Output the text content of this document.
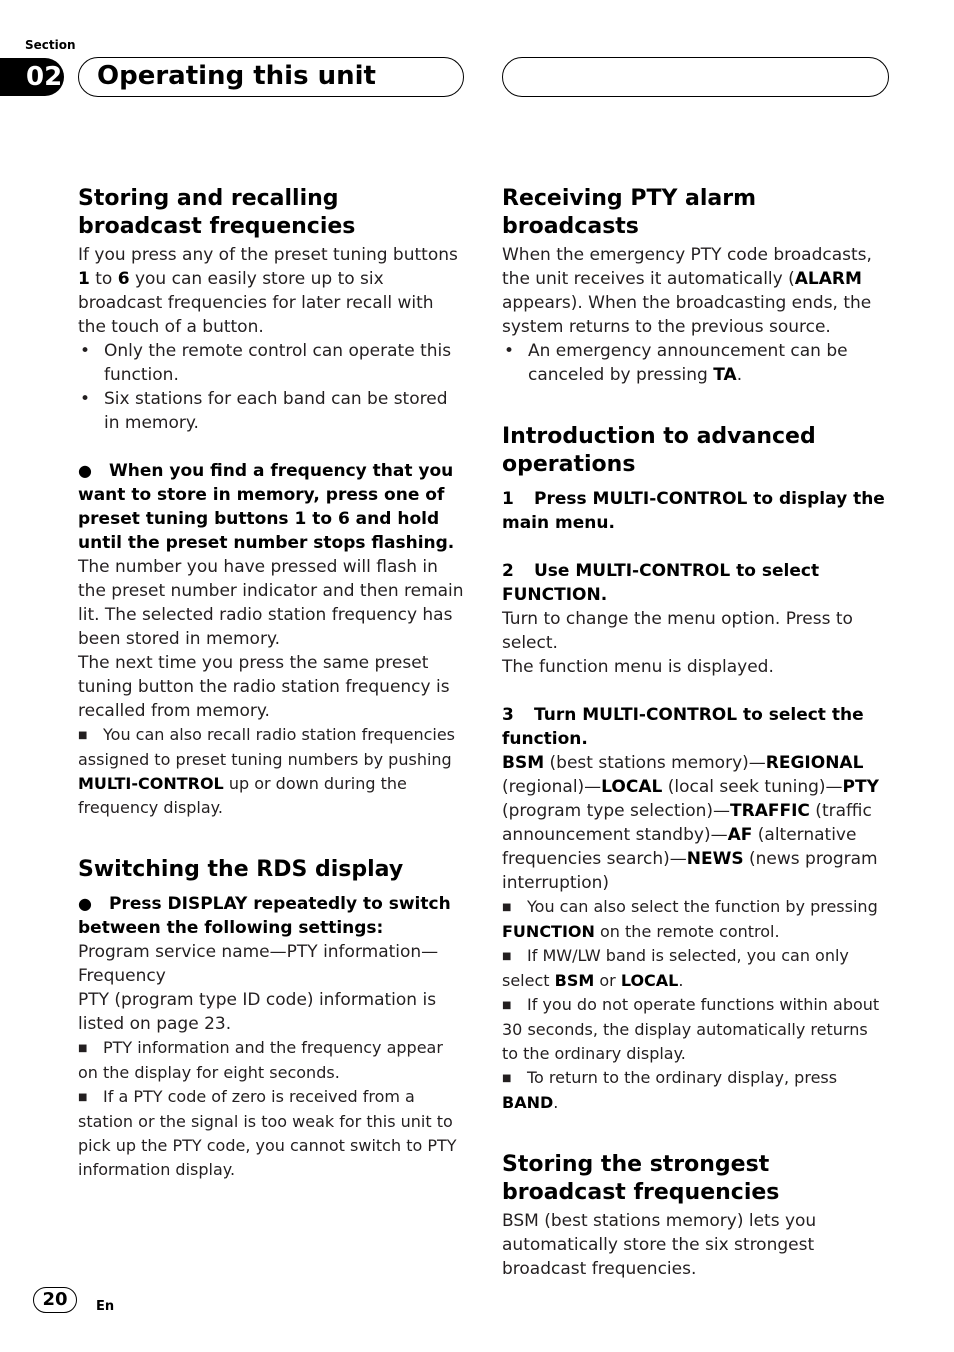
Section
02	Operating this unit
Storing and recalling broadcast frequencies

If you press any of the preset tuning buttons 1 to 6 you can easily store up to six broadcast frequencies for later recall with the touch of a button.

• Only the remote control can operate this function.
• Six stations for each band can be stored in memory.

● When you find a frequency that you want to store in memory, press one of preset tuning buttons 1 to 6 and hold until the preset number stops flashing.

The number you have pressed will flash in the preset number indicator and then remain lit. The selected radio station frequency has been stored in memory.

The next time you press the same preset tuning button the radio station frequency is recalled from memory.

■ You can also recall radio station frequencies assigned to preset tuning numbers by pushing MULTI-CONTROL up or down during the frequency display.

Switching the RDS display

● Press DISPLAY repeatedly to switch between the following settings:

Program service name—PTY information—Frequency

PTY (program type ID code) information is listed on page 23.

■ PTY information and the frequency appear on the display for eight seconds.

■ If a PTY code of zero is received from a station or the signal is too weak for this unit to pick up the PTY code, you cannot switch to PTY information display.

Receiving PTY alarm broadcasts

When the emergency PTY code broadcasts, the unit receives it automatically (ALARM appears). When the broadcasting ends, the system returns to the previous source.

• An emergency announcement can be canceled by pressing TA.
Introduction to advanced operations

1 Press MULTI-CONTROL to display the main menu.

2 Use MULTI-CONTROL to select FUNCTION.

Turn to change the menu option. Press to select.

The function menu is displayed.

3 Turn MULTI-CONTROL to select the function.

BSM (best stations memory)—REGIONAL (regional)—LOCAL (local seek tuning)—PTY (program type selection)—TRAFFIC (traffic announcement standby)—AF (alternative frequencies search)—NEWS (news program interruption)

■ You can also select the function by pressing FUNCTION on the remote control.

■ If MW/LW band is selected, you can only select BSM or LOCAL.

■ If you do not operate functions within about 30 seconds, the display automatically returns to the ordinary display.

■ To return to the ordinary display, press BAND.

Storing the strongest broadcast frequencies

BSM (best stations memory) lets you automatically store the six strongest broadcast frequencies.

20	En
